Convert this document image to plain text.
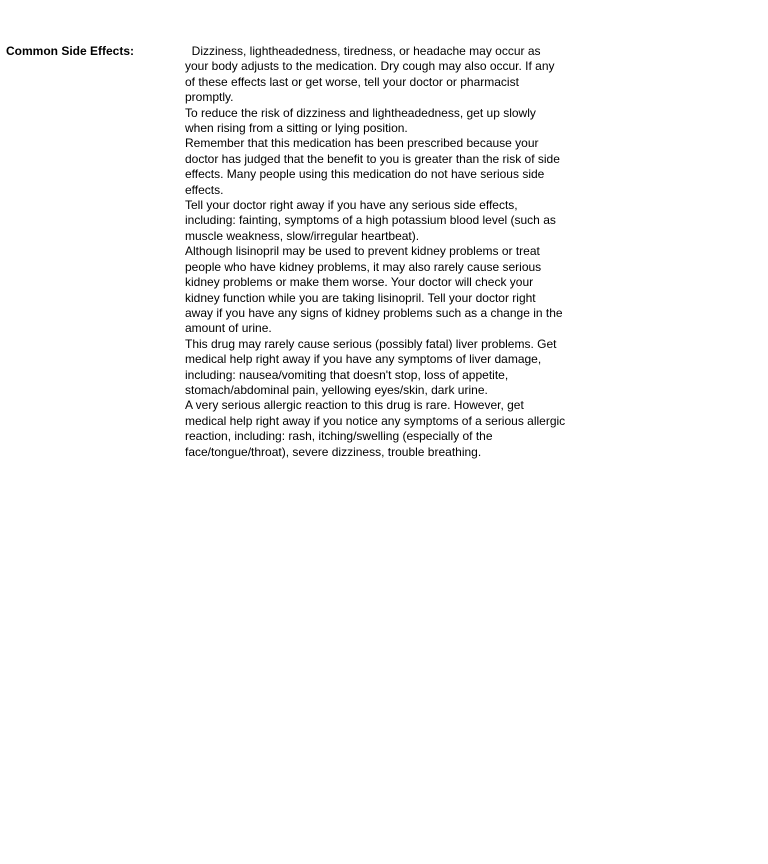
Common Side Effects:	Dizziness, lightheadedness, tiredness, or headache may occur as
your body adjusts to the medication. Dry cough may also occur. If any
of these effects last or get worse, tell your doctor or pharmacist
promptly.

To reduce the risk of dizziness and lightheadedness, get up slowly
when rising from a sitting or lying position.

Remember that this medication has been prescribed because your
doctor has judged that the benefit to you is greater than the risk of side
effects. Many people using this medication do not have serious side
effects.

Tell your doctor right away if you have any serious side effects,
including: fainting, symptoms of a high potassium blood level (such as
muscle weakness, slow/irregular heartbeat).

Although lisinopril may be used to prevent kidney problems or treat
people who have kidney problems, it may also rarely cause serious
kidney problems or make them worse. Your doctor will check your
kidney function while you are taking lisinopril. Tell your doctor right
away if you have any signs of kidney problems such as a change in the
amount of urine.

This drug may rarely cause serious (possibly fatal) liver problems. Get
medical help right away if you have any symptoms of liver damage,
including: nausea/vomiting that doesn't stop, loss of appetite,
stomach/abdominal pain, yellowing eyes/skin, dark urine.

A very serious allergic reaction to this drug is rare. However, get
medical help right away if you notice any symptoms of a serious allergic
reaction, including: rash, itching/swelling (especially of the
face/tongue/throat), severe dizziness, trouble breathing.
